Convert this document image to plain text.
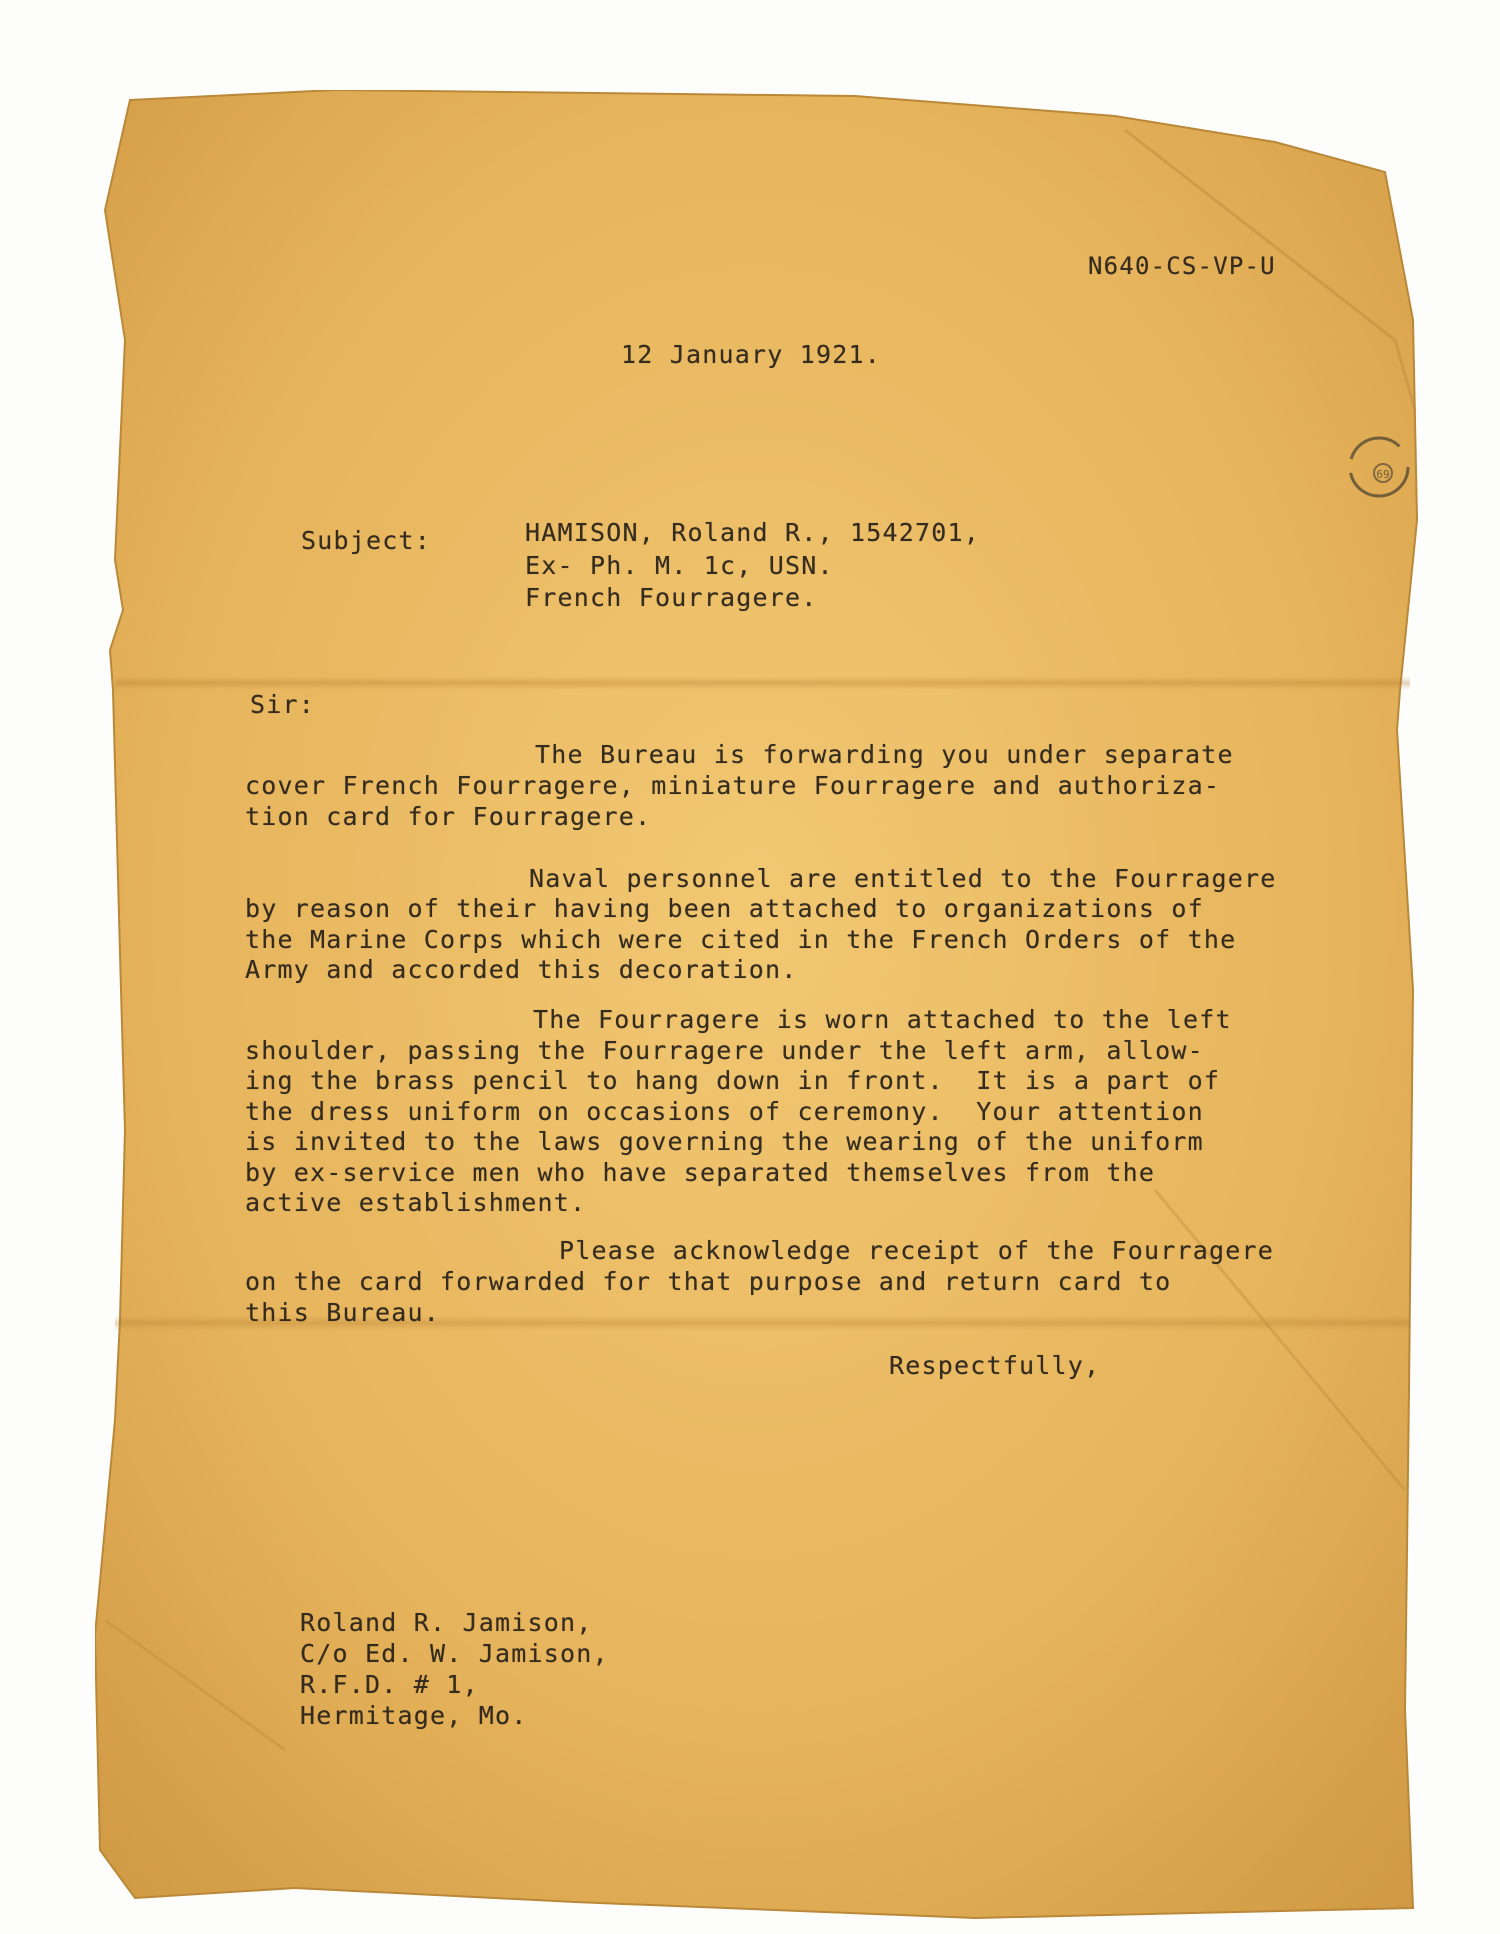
N640-CS-VP-U
12 January 1921.
69
Subject:	HAMISON, Roland R., 1542701,
Ex- Ph. M. 1c, USN.
French Fourragere.
Sir:
The Bureau is forwarding you under separate
cover French Fourragere, miniature Fourragere and authoriza-
tion card for Fourragere.
Naval personnel are entitled to the Fourragere
by reason of their having been attached to organizations of
the Marine Corps which were cited in the French Orders of the
Army and accorded this decoration.
The Fourragere is worn attached to the left
shoulder, passing the Fourragere under the left arm, allow-
ing the brass pencil to hang down in front.  It is a part of
the dress uniform on occasions of ceremony.  Your attention
is invited to the laws governing the wearing of the uniform
by ex-service men who have separated themselves from the
active establishment.
Please acknowledge receipt of the Fourragere
on the card forwarded for that purpose and return card to
this Bureau.
Respectfully,
Roland R. Jamison,
C/o Ed. W. Jamison,
R.F.D. # 1,
Hermitage, Mo.
